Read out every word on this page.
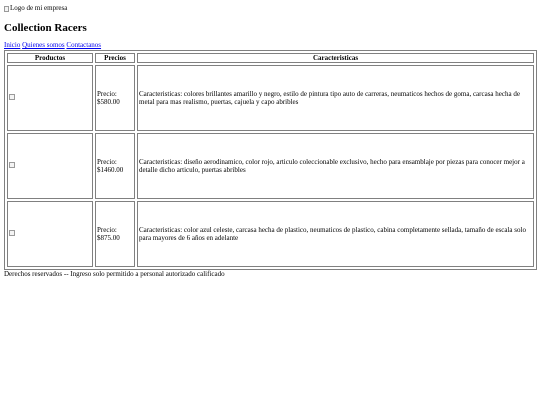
Logo de mi empresa
Collection Racers
Inicio Quienes somos Contactanos
Productos	Precios	Caracteristicas
	Precio: $580.00	Caracteristicas: colores brillantes amarillo y negro, estilo de pintura tipo auto de carreras, neumaticos hechos de goma, carcasa hecha de metal para mas realismo, puertas, cajuela y capo abribles
	Precio: $1460.00	Caracteristicas: diseño aerodinamico, color rojo, articulo coleccionable exclusivo, hecho para ensamblaje por piezas para conocer mejor a detalle dicho articulo, puertas abribles
	Precio: $875.00	Caracteristicas: color azul celeste, carcasa hecha de plastico, neumaticos de plastico, cabina completamente sellada, tamaño de escala solo para mayores de 6 años en adelante
Derechos reservados -- Ingreso solo permitido a personal autorizado calificado
